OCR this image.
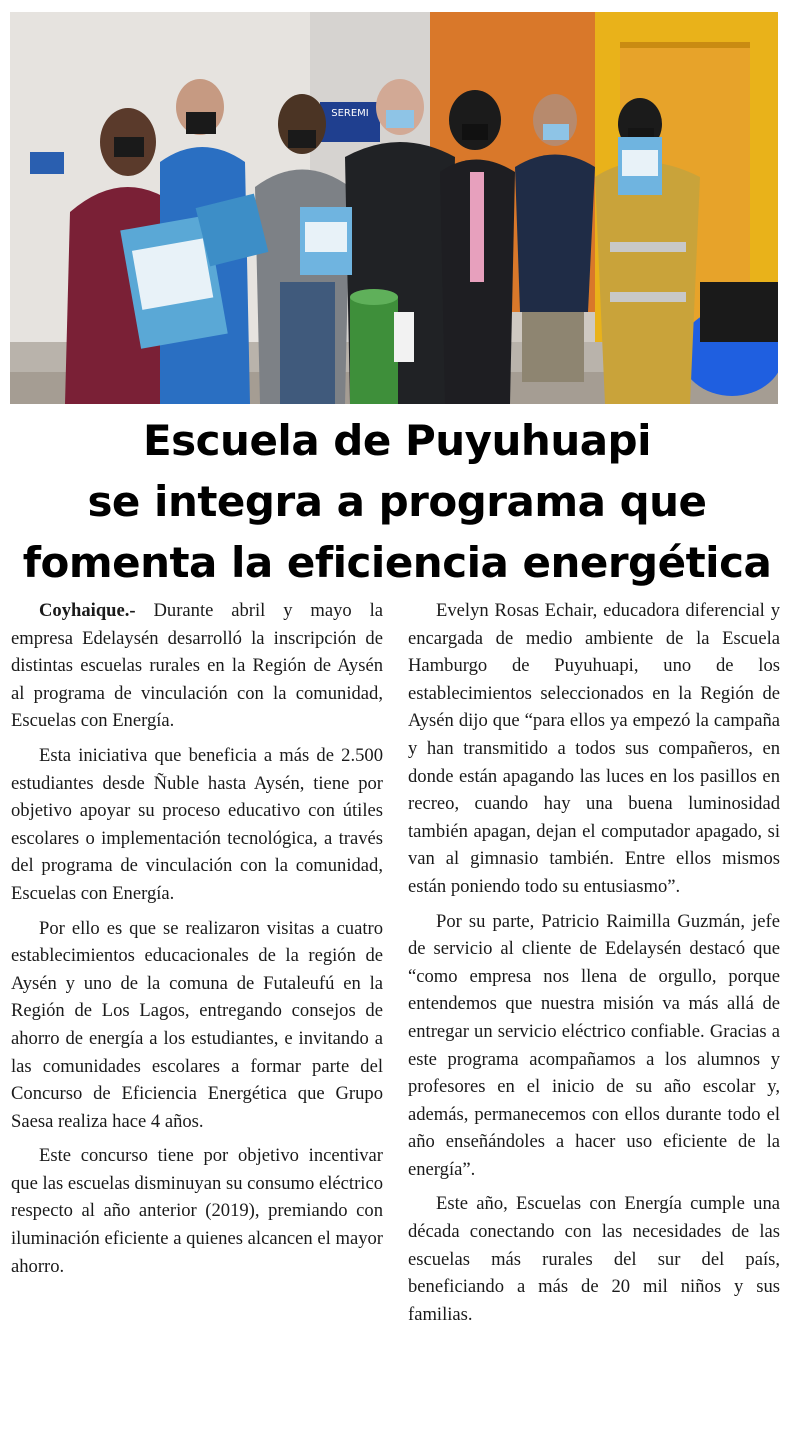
SEREMI
Escuela de Puyuhuapi
se integra a programa que
fomenta la eficiencia energética

Coyhaique.- Durante abril y mayo la empresa Edelaysén desarrolló la inscripción de distintas escuelas rurales en la Región de Aysén al programa de vinculación con la comunidad, Escuelas con Energía.

Esta iniciativa que beneficia a más de 2.500 estudiantes desde Ñuble hasta Aysén, tiene por objetivo apoyar su proceso educativo con útiles escolares o implementación tecnológica, a través del programa de vinculación con la comunidad, Escuelas con Energía.

Por ello es que se realizaron visitas a cuatro establecimientos educacionales de la región de Aysén y uno de la comuna de Futaleufú en la Región de Los Lagos, entregando consejos de ahorro de energía a los estudiantes, e invitando a las comunidades escolares a formar parte del Concurso de Eficiencia Energética que Grupo Saesa realiza hace 4 años.

Este concurso tiene por objetivo incentivar que las escuelas disminuyan su consumo eléctrico respecto al año anterior (2019), premiando con iluminación eficiente a quienes alcancen el mayor ahorro.

Evelyn Rosas Echair, educadora diferencial y encargada de medio ambiente de la Escuela Hamburgo de Puyuhuapi, uno de los establecimientos seleccionados en la Región de Aysén dijo que “para ellos ya empezó la campaña y han transmitido a todos sus compañeros, en donde están apagando las luces en los pasillos en recreo, cuando hay una buena luminosidad también apagan, dejan el computador apagado, si van al gimnasio también. Entre ellos mismos están poniendo todo su entusiasmo”.

Por su parte, Patricio Raimilla Guzmán, jefe de servicio al cliente de Edelaysén destacó que “como empresa nos llena de orgullo, porque entendemos que nuestra misión va más allá de entregar un servicio eléctrico confiable. Gracias a este programa acompañamos a los alumnos y profesores en el inicio de su año escolar y, además, permanecemos con ellos durante todo el año enseñándoles a hacer uso eficiente de la energía”.

Este año, Escuelas con Energía cumple una década conectando con las necesidades de las escuelas más rurales del sur del país, beneficiando a más de 20 mil niños y sus familias.
